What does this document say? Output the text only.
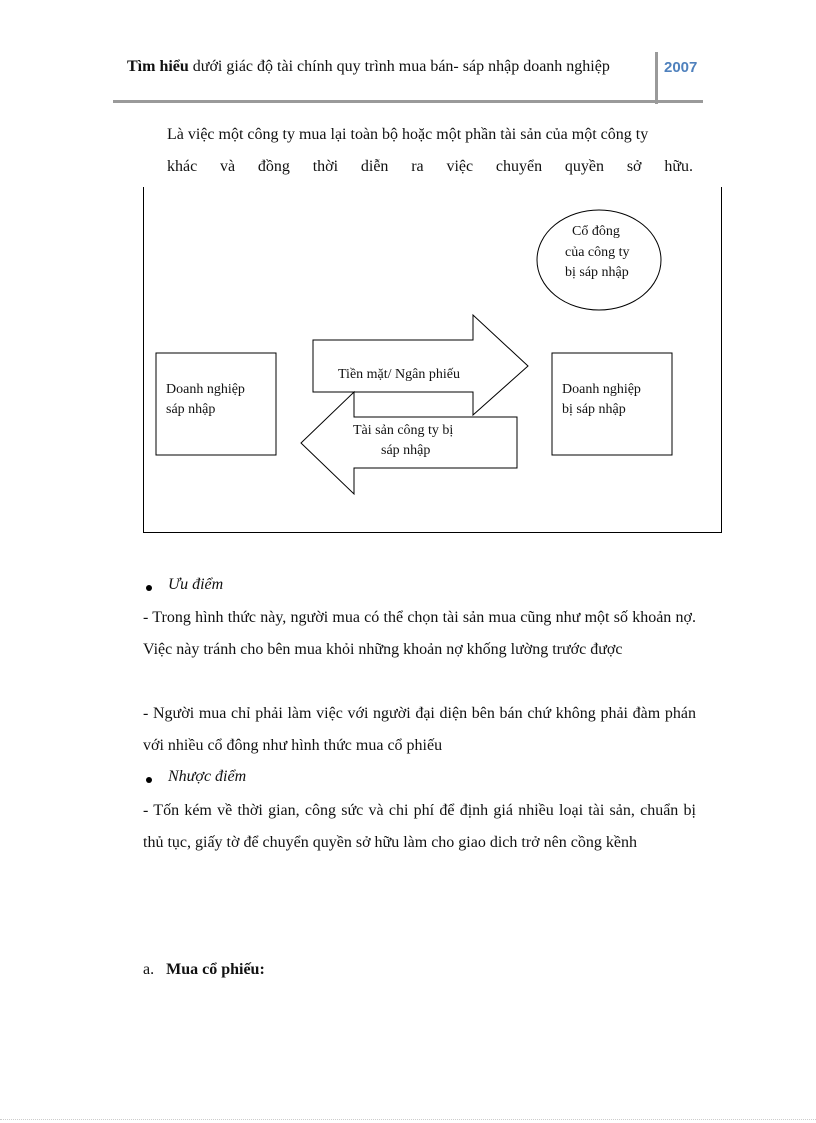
Tìm hiểu dưới giác độ tài chính quy trình mua bán- sáp nhập doanh nghiệp	2007
Là việc một công ty mua lại toàn bộ hoặc một phần tài sản của một công ty
khác và đồng thời diễn ra việc chuyển quyền sở hữu.
Cổ đông
của công ty
bị sáp nhập
Doanh nghiệp
sáp nhập
Doanh nghiệp
bị sáp nhập
Tiền mặt/ Ngân phiếu
Tài sản công ty bị
sáp nhập
Ưu điểm
- Trong hình thức này, người mua có thể chọn tài sản mua cũng như một số khoản nợ. Việc này tránh cho bên mua khỏi những khoản nợ khống lường trước được
- Người mua chỉ phải làm việc với người đại diện bên bán chứ không phải đàm phán với nhiều cổ đông như hình thức mua cổ phiếu
Nhược điểm
- Tốn kém về thời gian, công sức và chi phí để định giá nhiều loại tài sản, chuẩn bị thủ tục, giấy tờ để chuyển quyền sở hữu làm cho giao dich trở nên cồng kềnh
a. Mua cổ phiếu:
